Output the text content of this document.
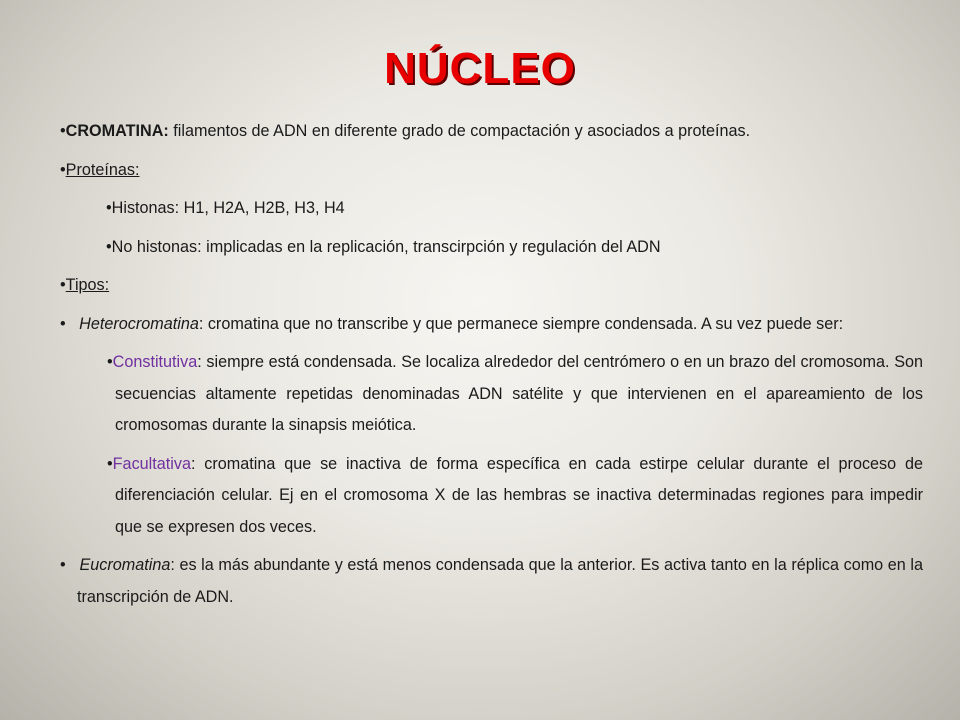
NÚCLEO

•CROMATINA: filamentos de ADN en diferente grado de compactación y asociados a proteínas.

•Proteínas:

•Histonas: H1, H2A, H2B, H3, H4

•No histonas: implicadas en la replicación, transcirpción y regulación del ADN

•Tipos:

• Heterocromatina: cromatina que no transcribe y que permanece siempre condensada. A su vez puede ser:

•Constitutiva: siempre está condensada. Se localiza alrededor del centrómero o en un brazo del cromosoma. Son secuencias altamente repetidas denominadas ADN satélite y que intervienen en el apareamiento de los cromosomas durante la sinapsis meiótica.

•Facultativa: cromatina que se inactiva de forma específica en cada estirpe celular durante el proceso de diferenciación celular. Ej en el cromosoma X de las hembras se inactiva determinadas regiones para impedir que se expresen dos veces.

• Eucromatina: es la más abundante y está menos condensada que la anterior. Es activa tanto en la réplica como en la transcripción de ADN.
